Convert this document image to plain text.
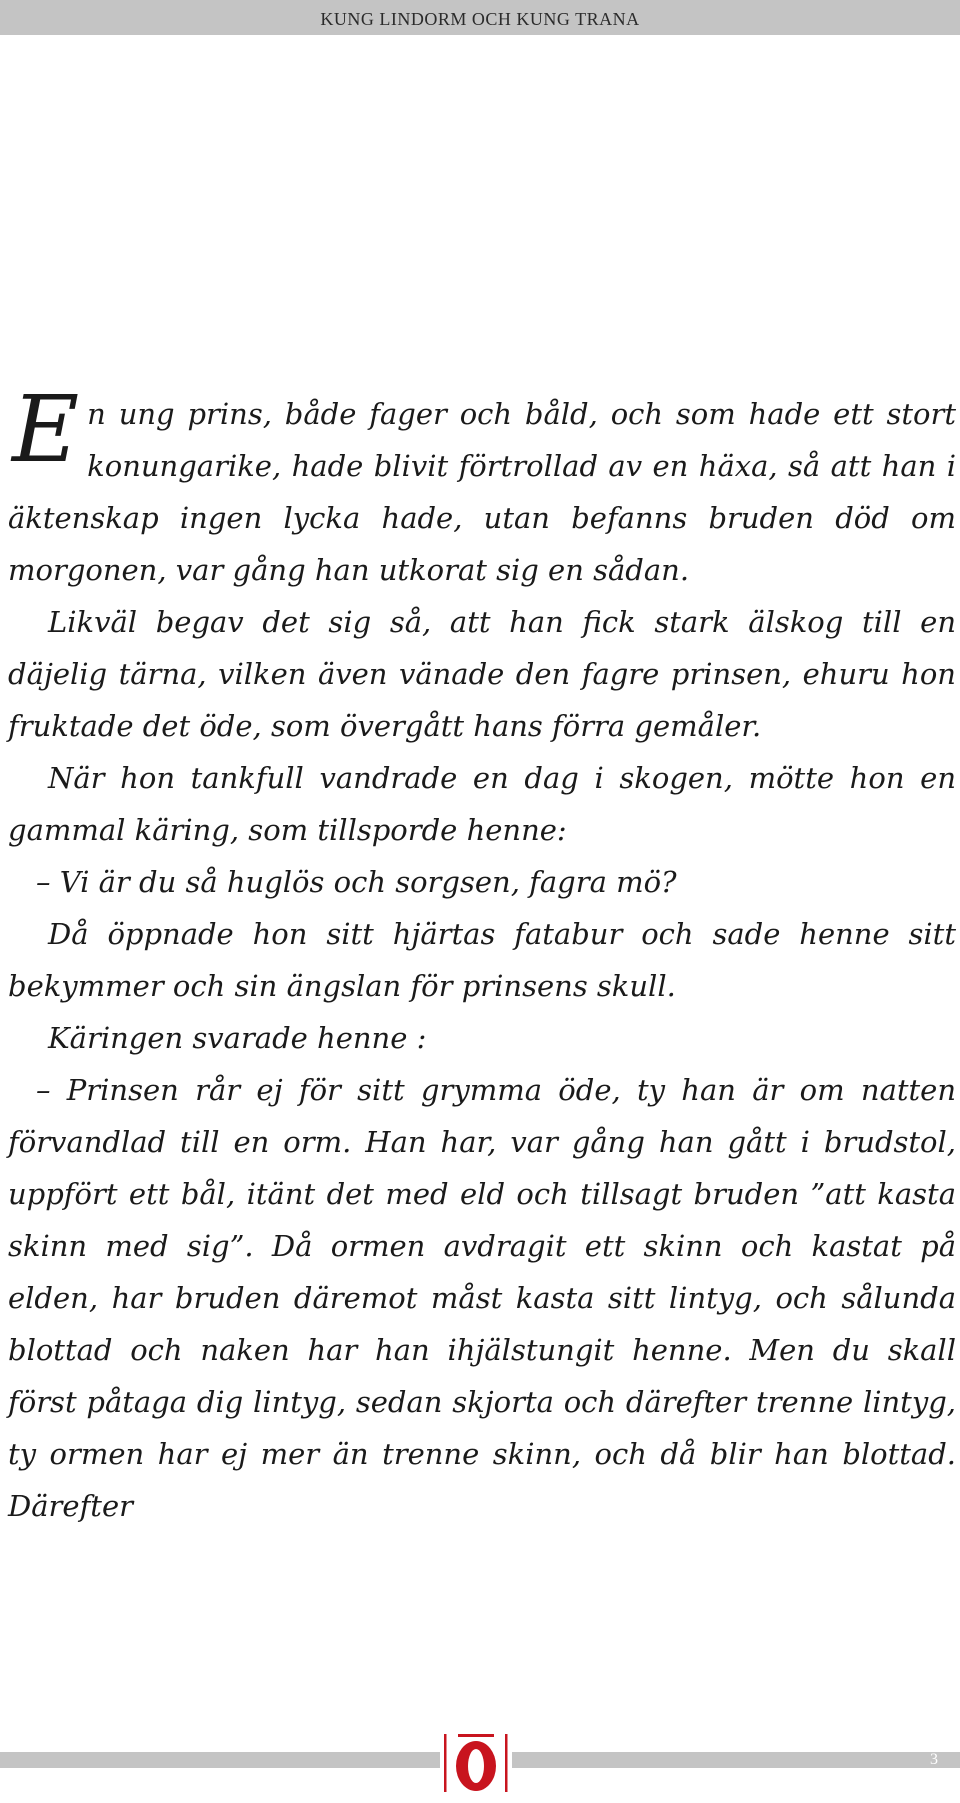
KUNG LINDORM OCH KUNG TRANA

En ung prins, både fager och båld, och som hade ett stort konungarike, hade blivit förtrollad av en häxa, så att han i äktenskap ingen lycka hade, utan befanns bruden död om morgonen, var gång han utkorat sig en sådan.

Likväl begav det sig så, att han fick stark älskog till en däjelig tärna, vilken även vänade den fagre prinsen, ehuru hon fruktade det öde, som övergått hans förra gemåler.

När hon tankfull vandrade en dag i skogen, mötte hon en gammal käring, som tillsporde henne:

– Vi är du så huglös och sorgsen, fagra mö?

Då öppnade hon sitt hjärtas fatabur och sade henne sitt bekymmer och sin ängslan för prinsens skull.

Käringen svarade henne :

– Prinsen rår ej för sitt grymma öde, ty han är om natten förvandlad till en orm. Han har, var gång han gått i brudstol, uppfört ett bål, itänt det med eld och tillsagt bruden ”att kasta skinn med sig”. Då ormen avdragit ett skinn och kastat på elden, har bruden däremot måst kasta sitt lintyg, och sålunda blottad och naken har han ihjälstungit henne. Men du skall först påtaga dig lintyg, sedan skjorta och därefter trenne lintyg, ty ormen har ej mer än trenne skinn, och då blir han blottad. Därefter

3
